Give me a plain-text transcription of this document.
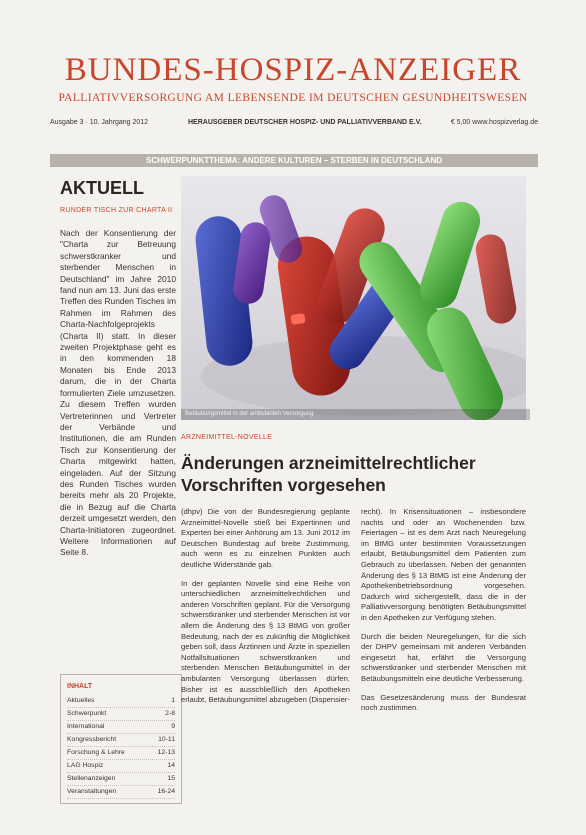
BUNDES-HOSPIZ-ANZEIGER
PALLIATIVVERSORGUNG AM LEBENSENDE IM DEUTSCHEN GESUNDHEITSWESEN
Ausgabe 3 · 10. Jahrgang 2012	HERAUSGEBER DEUTSCHER HOSPIZ- UND PALLIATIVVERBAND E.V.	€ 5,00 www.hospizverlag.de
SCHWERPUNKTTHEMA: ANDERE KULTUREN – STERBEN IN DEUTSCHLAND
AKTUELL
RUNDER TISCH ZUR CHARTA II
Nach der Konsentierung der "Charta zur Betreuung schwerstkranker und sterbender Menschen in Deutschland" im Jahre 2010 fand nun am 13. Juni das erste Treffen des Runden Tisches im Rahmen im Rahmen des Charta-Nachfolgeprojekts (Charta II) statt. In dieser zweiten Projektphase geht es in den kommenden 18 Monaten bis Ende 2013 darum, die in der Charta formulierten Ziele umzusetzen. Zu diesem Treffen wurden Vertreterinnen und Vertreter der Verbände und Institutionen, die am Runden Tisch zur Konsentierung der Charta mitgewirkt hatten, eingeladen. Auf der Sitzung des Runden Tisches wurden bereits mehr als 20 Projekte, die in Bezug auf die Charta derzeit umgesetzt werden, den Charta-Initiatoren zugeordnet. Weitere Informationen auf Seite 8.
INHALT
Aktuelles	1
Schwerpunkt	2-8
International	9
Kongressbericht	10-11
Forschung & Lehre	12-13
LAG Hospiz	14
Stellenanzeigen	15
Veranstaltungen	16-24
Betäubungsmittel in der ambulanten Versorgung
ARZNEIMITTEL-NOVELLE
Änderungen arzneimittelrechtlicher Vorschriften vorgesehen

(dhpv) Die von der Bundesregierung geplante Arzneimittel-Novelle stieß bei Expertinnen und Experten bei einer Anhörung am 13. Juni 2012 im Deutschen Bundestag auf breite Zustimmung, auch wenn es zu einzelnen Punkten auch deutliche Widerstände gab.

In der geplanten Novelle sind eine Reihe von unterschiedlichen arzneimittelrechtlichen und anderen Vorschriften geplant. Für die Versorgung schwerstkranker und sterbender Menschen ist vor allem die Änderung des § 13 BtMG von großer Bedeutung, nach der es zukünftig die Möglichkeit geben soll, dass Ärztinnen und Ärzte in speziellen Notfallsituationen schwerstkranken und sterbenden Menschen Betäubungsmittel in der ambulanten Versorgung überlassen dürfen. Bisher ist es ausschließlich den Apotheken erlaubt, Betäubungsmittel abzugeben (Dispensier-

recht). In Krisensituationen – insbesondere nachts und oder an Wochenenden bzw. Feiertagen – ist es dem Arzt nach Neuregelung im BtMG unter bestimmten Voraussetzungen erlaubt, Betäubungsmittel dem Patienten zum Gebrauch zu überlassen. Neben der genannten Änderung des § 13 BtMG ist eine Änderung der Apothekenbetriebsordnung vorgesehen. Dadurch wird sichergestellt, dass die in der Palliativversorgung benötigten Betäubungsmittel in den Apotheken zur Verfügung stehen.

Durch die beiden Neuregelungen, für die sich der DHPV gemeinsam mit anderen Verbänden eingesetzt hat, erfährt die Versorgung schwerstkranker und sterbender Menschen mit Betäubungsmitteln eine deutliche Verbesserung.

Das Gesetzesänderung muss der Bundesrat noch zustimmen.
